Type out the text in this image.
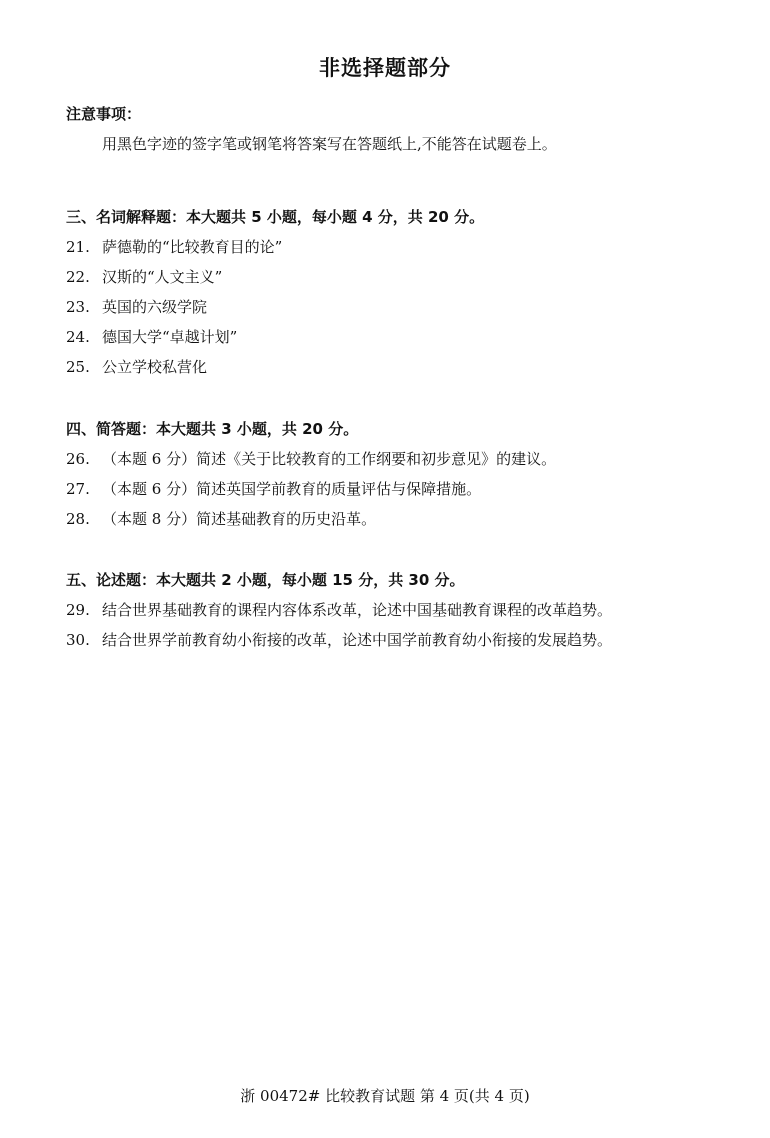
非选择题部分
注意事项：
用黑色字迹的签字笔或钢笔将答案写在答题纸上,不能答在试题卷上。
三、名词解释题：本大题共 5 小题，每小题 4 分，共 20 分。
21. 萨德勒的“比较教育目的论”
22. 汉斯的“人文主义”
23. 英国的六级学院
24. 德国大学“卓越计划”
25. 公立学校私营化
四、简答题：本大题共 3 小题，共 20 分。
26. （本题 6 分）简述《关于比较教育的工作纲要和初步意见》的建议。
27. （本题 6 分）简述英国学前教育的质量评估与保障措施。
28. （本题 8 分）简述基础教育的历史沿革。
五、论述题：本大题共 2 小题，每小题 15 分，共 30 分。
29. 结合世界基础教育的课程内容体系改革，论述中国基础教育课程的改革趋势。
30. 结合世界学前教育幼小衔接的改革，论述中国学前教育幼小衔接的发展趋势。
浙 00472# 比较教育试题 第 4 页(共 4 页)
